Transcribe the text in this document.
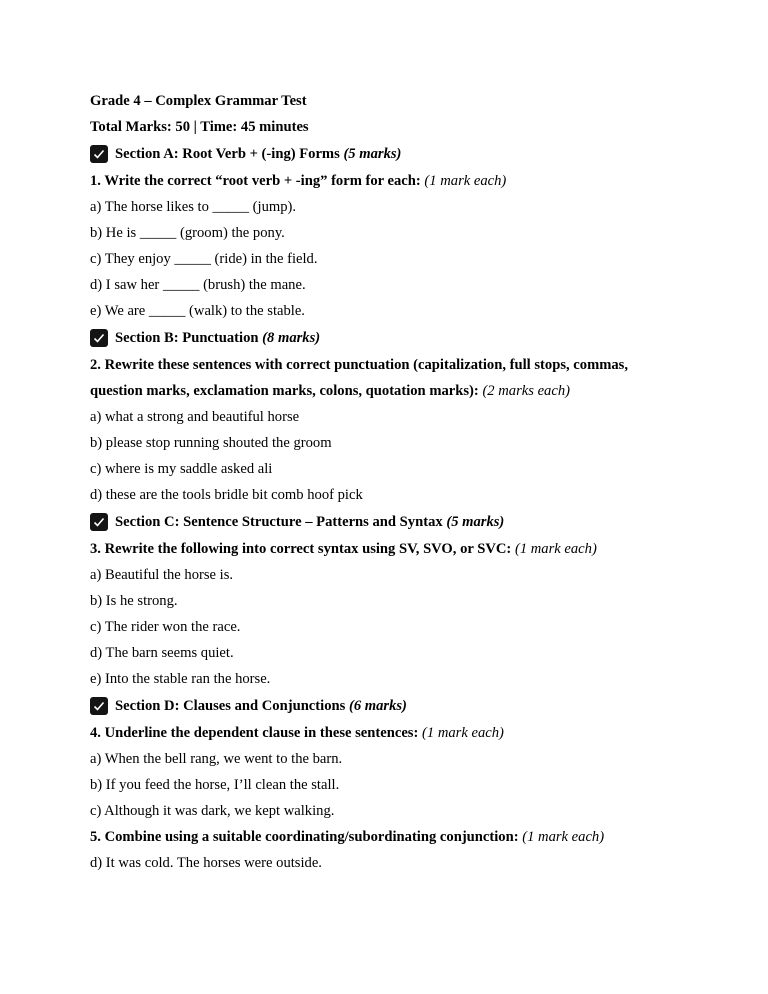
Grade 4 – Complex Grammar Test
Total Marks: 50 | Time: 45 minutes
Section A: Root Verb + (-ing) Forms
(5 marks)
1. Write the correct “root verb + -ing” form for each: (1 mark each)
a) The horse likes to _____ (jump).
b) He is _____ (groom) the pony.
c) They enjoy _____ (ride) in the field.
d) I saw her _____ (brush) the mane.
e) We are _____ (walk) to the stable.
Section B: Punctuation
(8 marks)
2. Rewrite these sentences with correct punctuation (capitalization, full stops, commas,
question marks, exclamation marks, colons, quotation marks): (2 marks each)
a) what a strong and beautiful horse
b) please stop running shouted the groom
c) where is my saddle asked ali
d) these are the tools bridle bit comb hoof pick
Section C: Sentence Structure – Patterns and Syntax
(5 marks)
3. Rewrite the following into correct syntax using SV, SVO, or SVC: (1 mark each)
a) Beautiful the horse is.
b) Is he strong.
c) The rider won the race.
d) The barn seems quiet.
e) Into the stable ran the horse.
Section D: Clauses and Conjunctions
(6 marks)
4. Underline the dependent clause in these sentences: (1 mark each)
a) When the bell rang, we went to the barn.
b) If you feed the horse, I’ll clean the stall.
c) Although it was dark, we kept walking.
5. Combine using a suitable coordinating/subordinating conjunction: (1 mark each)
d) It was cold. The horses were outside.
